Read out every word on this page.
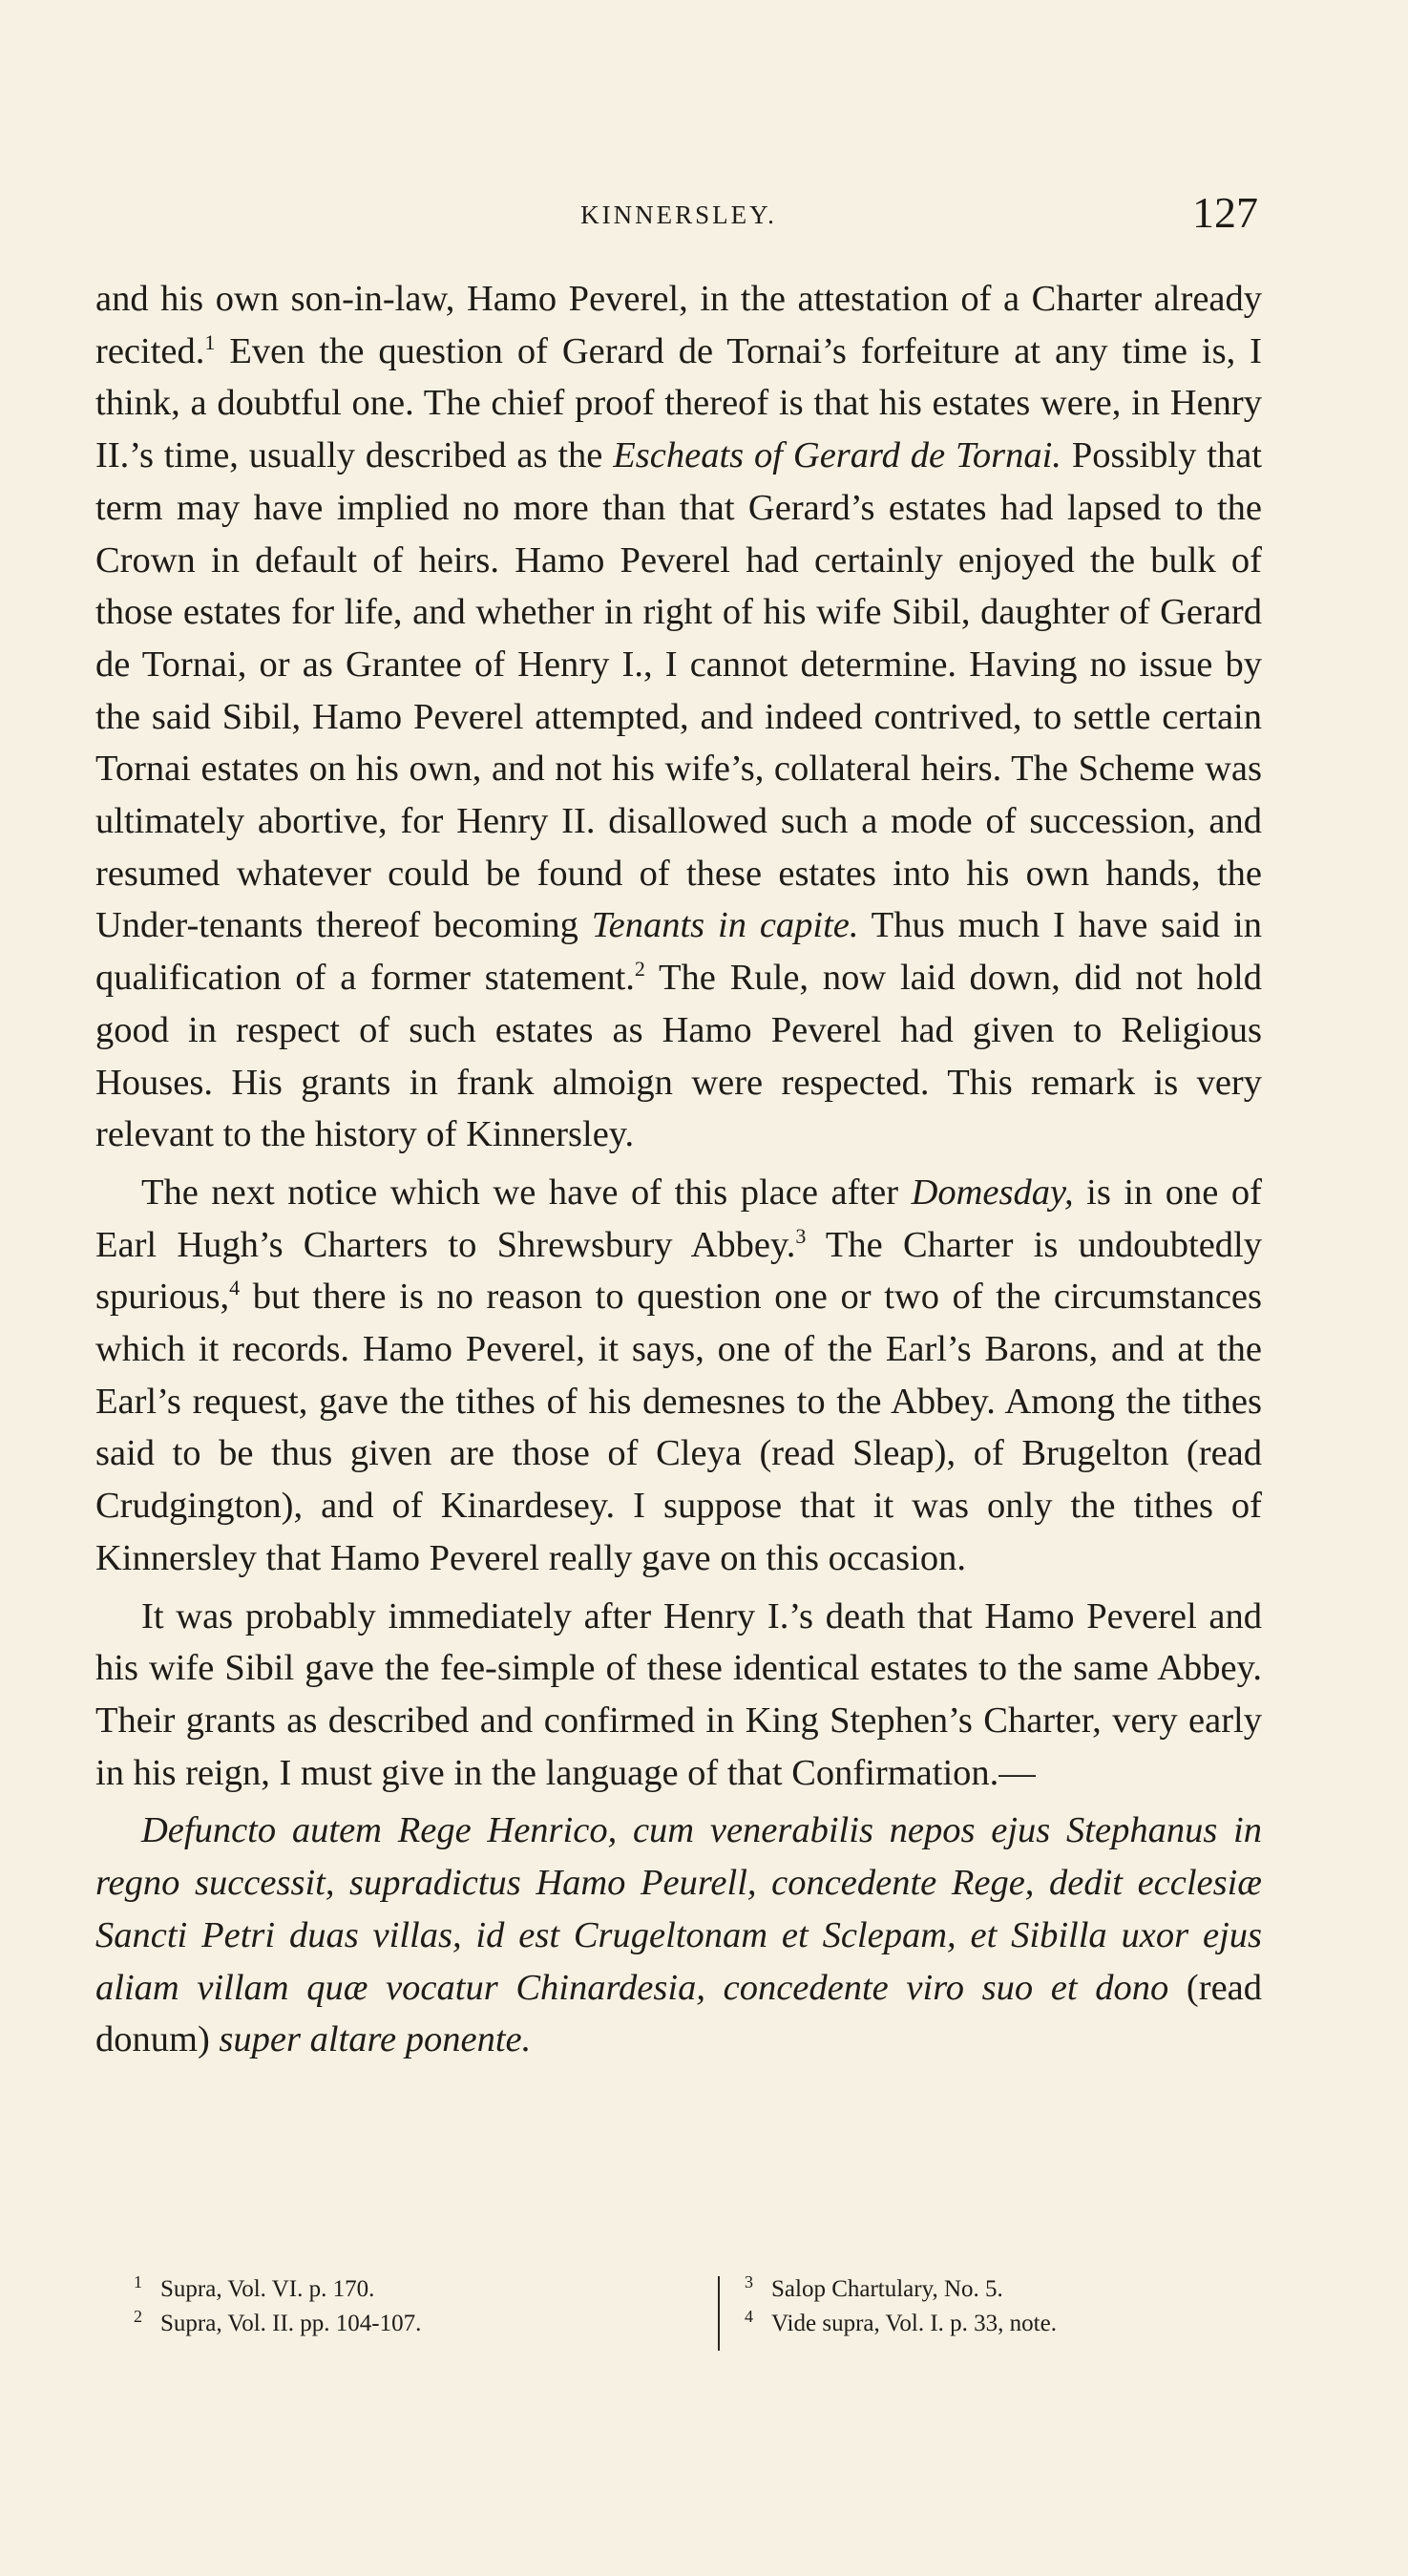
KINNERSLEY.	127

and his own son-in-law, Hamo Peverel, in the attestation of a Charter already recited.$^1$ Even the question of Gerard de Tornai’s forfeiture at any time is, I think, a doubtful one. The chief proof thereof is that his estates were, in Henry II.’s time, usually described as the Escheats of Gerard de Tornai. Possibly that term may have implied no more than that Gerard’s estates had lapsed to the Crown in default of heirs. Hamo Peverel had certainly enjoyed the bulk of those estates for life, and whether in right of his wife Sibil, daughter of Gerard de Tornai, or as Grantee of Henry I., I cannot determine. Having no issue by the said Sibil, Hamo Peverel attempted, and indeed contrived, to settle certain Tornai estates on his own, and not his wife’s, collateral heirs. The Scheme was ultimately abortive, for Henry II. disallowed such a mode of succession, and resumed whatever could be found of these estates into his own hands, the Under-tenants thereof becoming Tenants in capite. Thus much I have said in qualification of a former statement.$^2$ The Rule, now laid down, did not hold good in respect of such estates as Hamo Peverel had given to Religious Houses. His grants in frank almoign were respected. This remark is very relevant to the history of Kinnersley.

The next notice which we have of this place after Domesday, is in one of Earl Hugh’s Charters to Shrewsbury Abbey.$^3$ The Charter is undoubtedly spurious,$^4$ but there is no reason to question one or two of the circumstances which it records. Hamo Peverel, it says, one of the Earl’s Barons, and at the Earl’s request, gave the tithes of his demesnes to the Abbey. Among the tithes said to be thus given are those of Cleya (read Sleap), of Brugelton (read Crudgington), and of Kinardesey. I suppose that it was only the tithes of Kinnersley that Hamo Peverel really gave on this occasion.

It was probably immediately after Henry I.’s death that Hamo Peverel and his wife Sibil gave the fee-simple of these identical estates to the same Abbey. Their grants as described and confirmed in King Stephen’s Charter, very early in his reign, I must give in the language of that Confirmation.—

Defuncto autem Rege Henrico, cum venerabilis nepos ejus Stephanus in regno successit, supradictus Hamo Peurell, concedente Rege, dedit ecclesiæ Sancti Petri duas villas, id est Crugeltonam et Sclepam, et Sibilla uxor ejus aliam villam quæ vocatur Chinardesia, concedente viro suo et dono (read donum) super altare ponente.

1 Supra, Vol. VI. p. 170.
2 Supra, Vol. II. pp. 104-107.
3 Salop Chartulary, No. 5.
4 Vide supra, Vol. I. p. 33, note.
